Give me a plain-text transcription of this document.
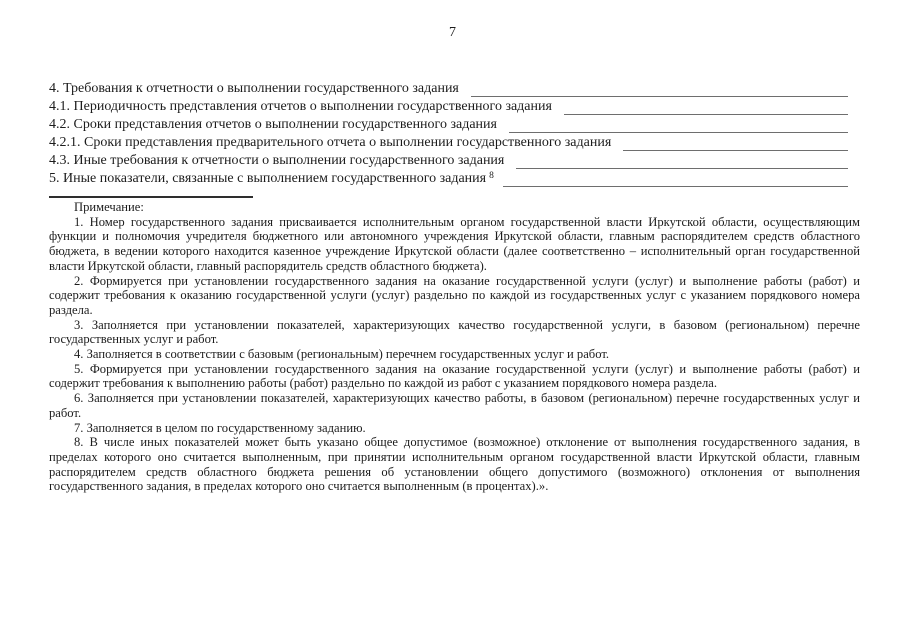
7
4. Требования к отчетности о выполнении государственного задания
4.1. Периодичность представления отчетов о выполнении государственного задания
4.2. Сроки представления отчетов о выполнении государственного задания
4.2.1. Сроки представления предварительного отчета о выполнении государственного задания
4.3. Иные требования к отчетности о выполнении государственного задания
5. Иные показатели, связанные с выполнением государственного задания 8

Примечание:

1. Номер государственного задания присваивается исполнительным органом государственной власти Иркутской области, осуществляющим функции и полномочия учредителя бюджетного или автономного учреждения Иркутской области, главным распорядителем средств областного бюджета, в ведении которого находится казенное учреждение Иркутской области (далее соответственно – исполнительный орган государственной власти Иркутской области, главный распорядитель средств областного бюджета).

2. Формируется при установлении государственного задания на оказание государственной услуги (услуг) и выполнение работы (работ) и содержит требования к оказанию государственной услуги (услуг) раздельно по каждой из государственных услуг с указанием порядкового номера раздела.

3. Заполняется при установлении показателей, характеризующих качество государственной услуги, в базовом (региональном) перечне государственных услуг и работ.

4. Заполняется в соответствии с базовым (региональным) перечнем государственных услуг и работ.

5. Формируется при установлении государственного задания на оказание государственной услуги (услуг) и выполнение работы (работ) и содержит требования к выполнению работы (работ) раздельно по каждой из работ с указанием порядкового номера раздела.

6. Заполняется при установлении показателей, характеризующих качество работы, в базовом (региональном) перечне государственных услуг и работ.

7. Заполняется в целом по государственному заданию.

8. В числе иных показателей может быть указано общее допустимое (возможное) отклонение от выполнения государственного задания, в пределах которого оно считается выполненным, при принятии исполнительным органом государственной власти Иркутской области, главным распорядителем средств областного бюджета решения об установлении общего допустимого (возможного) отклонения от выполнения государственного задания, в пределах которого оно считается выполненным (в процентах).».
